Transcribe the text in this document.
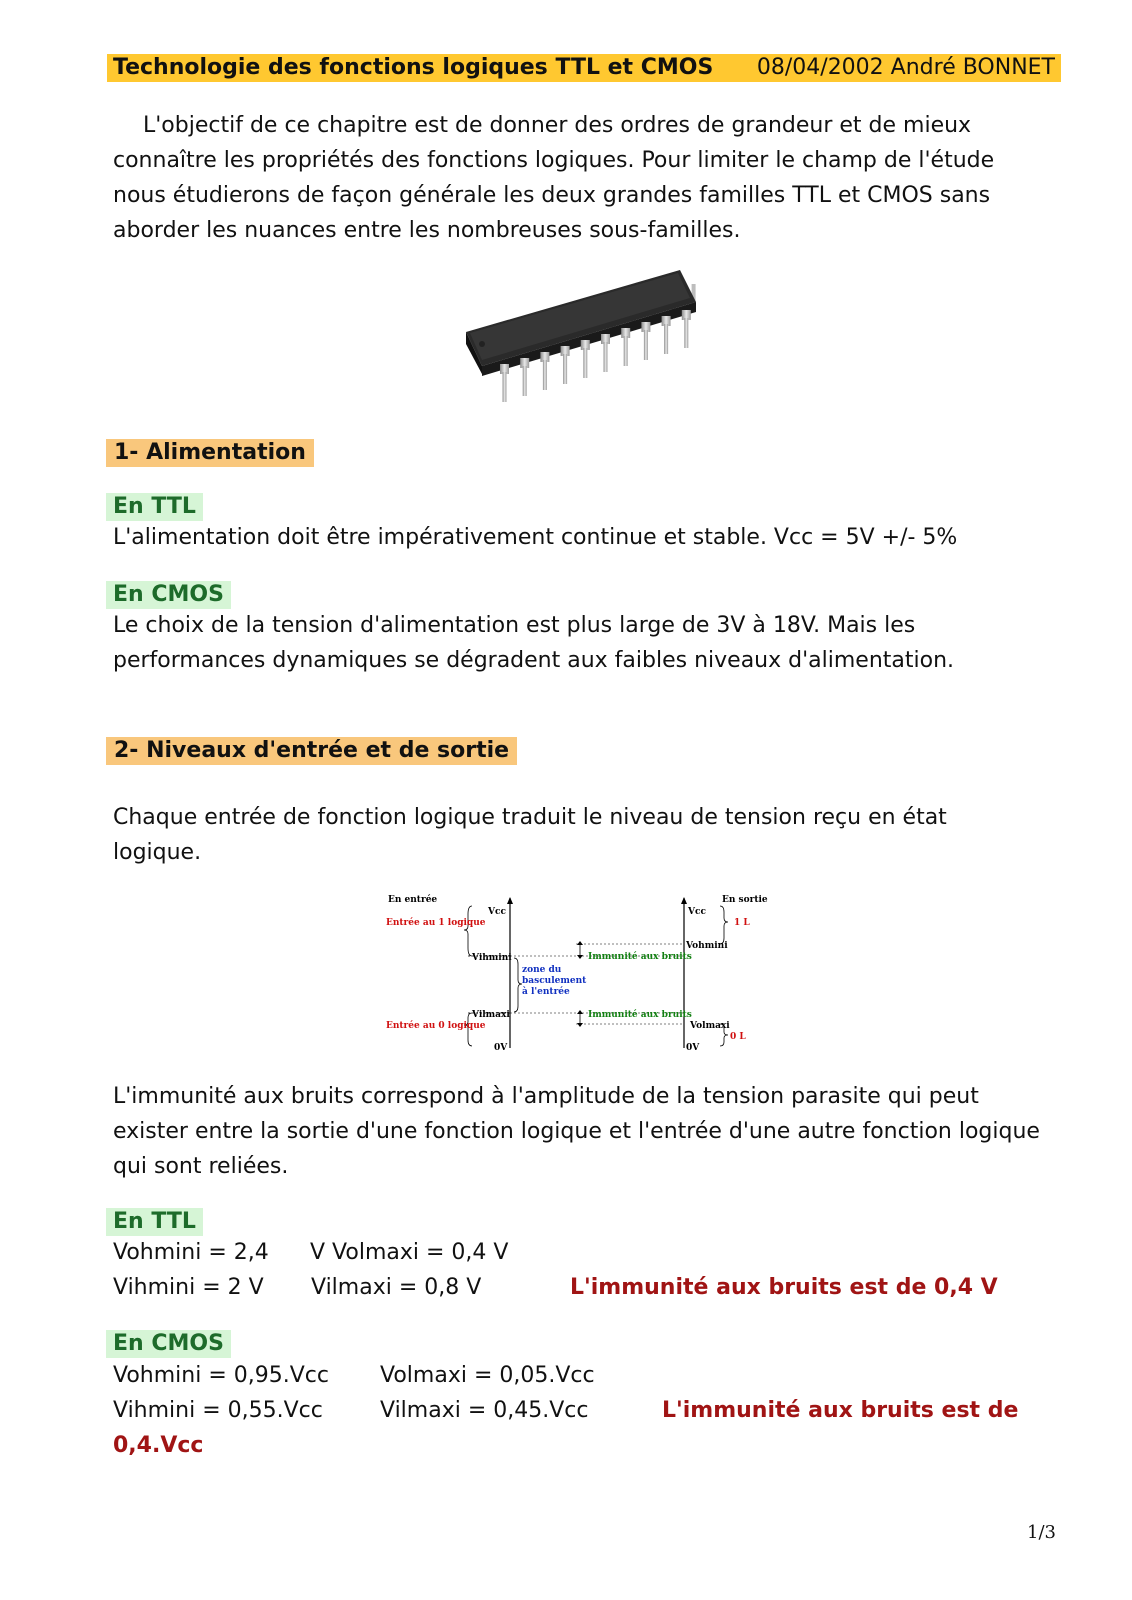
Technologie des fonctions logiques TTL et CMOS 08/04/2002 André BONNET
L'objectif de ce chapitre est de donner des ordres de grandeur et de mieux
connaître les propriétés des fonctions logiques. Pour limiter le champ de l'étude
nous étudierons de façon générale les deux grandes familles TTL et CMOS sans
aborder les nuances entre les nombreuses sous-familles.
1- Alimentation
En TTL
L'alimentation doit être impérativement continue et stable. Vcc = 5V +/- 5%
En CMOS
Le choix de la tension d'alimentation est plus large de 3V à 18V. Mais les
performances dynamiques se dégradent aux faibles niveaux d'alimentation.
2- Niveaux d'entrée et de sortie
Chaque entrée de fonction logique traduit le niveau de tension reçu en état
logique.
En entrée	En sortie
Vcc	Vcc
Entrée au 1 logique
Entrée au 0 logique
Vihmini
Vilmaxi
zone du
basculement
à l'entrée
Immunité aux bruits
Immunité aux bruits
Vohmini
Volmaxi
1 L
0 L
0V	0V
L'immunité aux bruits correspond à l'amplitude de la tension parasite qui peut
exister entre la sortie d'une fonction logique et l'entrée d'une autre fonction logique
qui sont reliées.
En TTL
Vohmini = 2,4 V Volmaxi = 0,4 V
Vihmini = 2 V Vilmaxi = 0,8 V	L'immunité aux bruits est de 0,4 V
En CMOS
Vohmini = 0,95.Vcc Volmaxi = 0,05.Vcc
Vihmini = 0,55.Vcc	Vilmaxi = 0,45.Vcc	L'immunité aux bruits est de
0,4.Vcc
1/3
